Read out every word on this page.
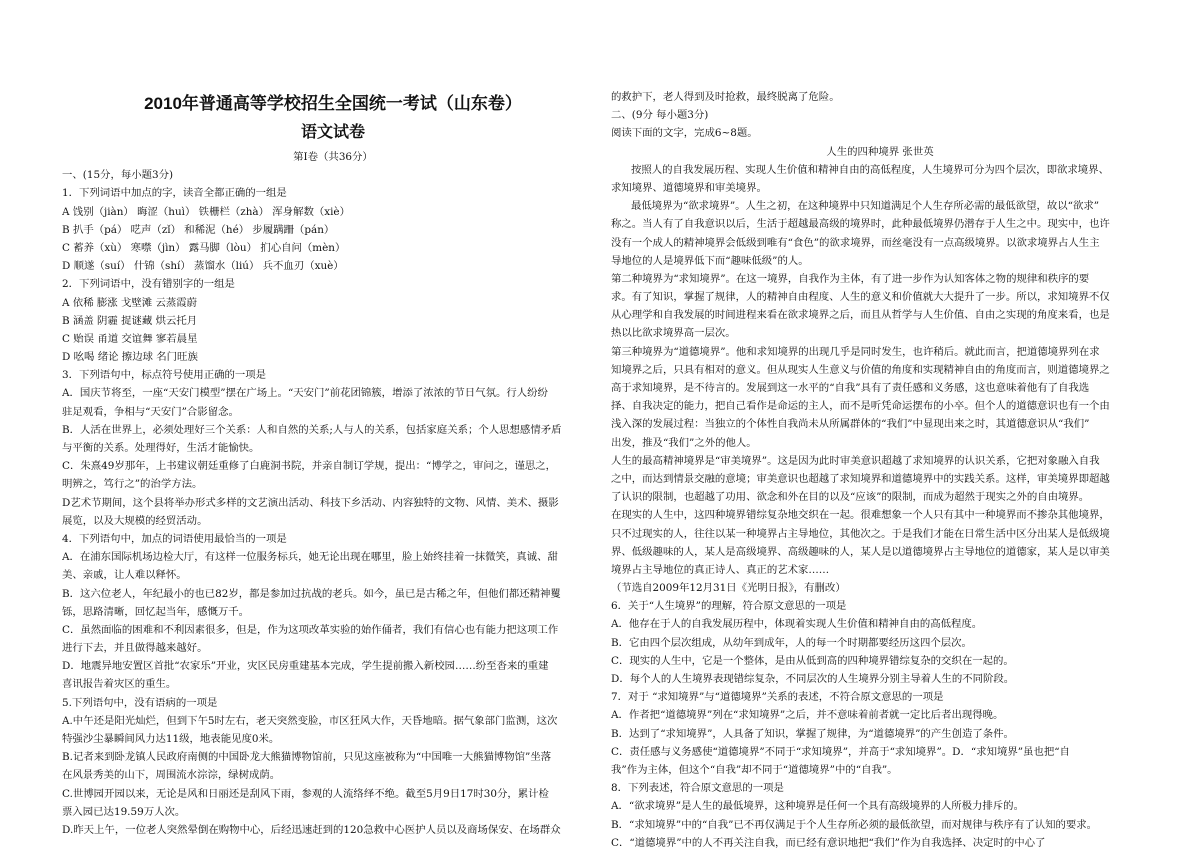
2010年普通高等学校招生全国统一考试（山东卷）
语文试卷
第Ⅰ卷（共36分）
一、(15分，每小题3分)
1．下列词语中加点的字，读音全都正确的一组是
A 饯别（jiàn） 晦涩（huì） 铁栅栏（zhà） 浑身解数（xiè）
B 扒手（pá） 呓声（zǐ） 和稀泥（hé） 步履蹒跚（pán）
C 蓄养（xù） 寒噤（jìn） 露马脚（lòu） 扪心自问（mèn）
D 顺遂（suí） 什锦（shí） 蒸馏水（liú） 兵不血刃（xuè）
2．下列词语中，没有错别字的一组是
A 依稀 膨涨 戈壁滩 云蒸霞蔚
B 涵盖 阴霾 捉谜藏 烘云托月
C 贻误 甬道 交谊舞 寥若晨星
D 吆喝 绪论 擦边球 名门旺族
3．下列语句中，标点符号使用正确的一项是
A．国庆节将至，一座“天安门模型”摆在广场上。“天安门”前花团锦簇，增添了浓浓的节日气氛。行人纷纷
驻足观看，争相与“天安门”合影留念。
B．人活在世界上，必须处理好三个关系：人和自然的关系;人与人的关系，包括家庭关系；个人思想感情矛盾
与平衡的关系。处理得好，生活才能愉快。
C．朱熹49岁那年，上书建议朝廷重修了白鹿洞书院，并亲自制订学规，提出：“博学之，审问之，谨思之，
明辨之，笃行之”的治学方法。
D艺术节期间，这个县将举办形式多样的文艺演出活动、科技下乡活动、内容独特的文物、风情、美术、摄影
展览，以及大规模的经贸活动。
4．下列语句中，加点的词语使用最恰当的一项是
A．在浦东国际机场边检大厅，有这样一位服务标兵，她无论出现在哪里，脸上始终挂着一抹微笑，真诚、甜
美、亲戚，让人难以释怀。
B．这六位老人，年纪最小的也已82岁，都是参加过抗战的老兵。如今，虽已是古稀之年，但他们都还精神矍
铄，思路清晰，回忆起当年，感慨万千。
C．虽然面临的困难和不利因素很多，但是，作为这项改革实验的始作俑者，我们有信心也有能力把这项工作
进行下去，并且做得越来越好。
D．地震异地安置区首批“农家乐”开业，灾区民房重建基本完成，学生提前搬入新校园……纷至沓来的重建
喜讯报告着灾区的重生。
5.下列语句中，没有语病的一项是
A.中午还是阳光灿烂，但到下午5时左右，老天突然变脸，市区狂风大作，天昏地暗。据气象部门监测，这次
特强沙尘暴瞬间风力达11级，地表能见度0米。
B.记者来到卧龙镇人民政府南侧的中国卧龙大熊猫博物馆前，只见这座被称为“中国唯一大熊猫博物馆”坐落
在风景秀美的山下，周围流水淙淙，绿树成荫。
C.世博园开园以来，无论是风和日丽还是刮风下雨，参观的人流络绎不绝。截至5月9日17时30分，累计检
票入园已达19.59万人次。
D.昨天上午，一位老人突然晕倒在购物中心，后经迅速赶到的120急救中心医护人员以及商场保安、在场群众
的救护下，老人得到及时抢救，最终脱离了危险。
二、(9分 每小题3分)
阅读下面的文字，完成6~8题。
人生的四种境界 张世英
按照人的自我发展历程、实现人生价值和精神自由的高低程度，人生境界可分为四个层次，即欲求境界、
求知境界、道德境界和审美境界。
最低境界为“欲求境界”。人生之初，在这种境界中只知道满足个人生存所必需的最低欲望，故以“欲求”
称之。当人有了自我意识以后，生活于超越最高级的境界时，此种最低境界仍潜存于人生之中。现实中，也许
没有一个成人的精神境界会低级到唯有“食色”的欲求境界，而丝毫没有一点高级境界。以欲求境界占人生主
导地位的人是境界低下而“趣味低级”的人。
第二种境界为“求知境界”。在这一境界，自我作为主体，有了进一步作为认知客体之物的规律和秩序的要
求。有了知识，掌握了规律，人的精神自由程度、人生的意义和价值就大大提升了一步。所以，求知境界不仅
从心理学和自我发展的时间进程来看在欲求境界之后，而且从哲学与人生价值、自由之实现的角度来看，也是
热以比欲求境界高一层次。
第三种境界为“道德境界”。他和求知境界的出现几乎是同时发生，也许稍后。就此而言，把道德境界列在求
知境界之后，只具有相对的意义。但从现实人生意义与价值的角度和实现精神自由的角度而言，则道德境界之
高于求知境界，是不待言的。发展到这一水平的“自我”具有了责任感和义务感，这也意味着他有了自我选
择、自我决定的能力，把自己看作是命运的主人，而不是听凭命运摆布的小卒。但个人的道德意识也有一个由
浅入深的发展过程：当独立的个体性自我尚未从所属群体的“我们”中显现出来之时，其道德意识从“我们”
出发，推及“我们”之外的他人。
人生的最高精神境界是“审美境界”。这是因为此时审美意识超越了求知境界的认识关系，它把对象融入自我
之中，而达到情景交融的意境；审美意识也超越了求知境界和道德境界中的实践关系。这样，审美境界即超越
了认识的限制，也超越了功用、欲念和外在目的以及“应该”的限制，而成为超然于现实之外的自由境界。
在现实的人生中，这四种境界错综复杂地交织在一起。很难想象一个人只有其中一种境界而不掺杂其他境界，
只不过现实的人，往往以某一种境界占主导地位，其他次之。于是我们才能在日常生活中区分出某人是低级境
界、低级趣味的人，某人是高级境界、高级趣味的人，某人是以道德境界占主导地位的道德家，某人是以审美
境界占主导地位的真正诗人、真正的艺术家……
（节选自2009年12月31日《光明日报》，有删改）
6．关于“人生境界”的理解，符合原文意思的一项是
A．他存在于人的自我发展历程中，体现着实现人生价值和精神自由的高低程度。
B．它由四个层次组成，从幼年到成年，人的每一个时期都要经历这四个层次。
C．现实的人生中，它是一个整体，是由从低到高的四种境界错综复杂的交织在一起的。
D．每个人的人生境界表现错综复杂，不同层次的人生境界分别主导着人生的不同阶段。
7．对于 “求知境界”与“道德境界”关系的表述，不符合原文意思的一项是
A．作者把“道德境界”列在“求知境界”之后，并不意味着前者就一定比后者出现得晚。
B．达到了“求知境界”，人具备了知识，掌握了规律，为“道德境界”的产生创造了条件。
C．责任感与义务感使“道德境界”不同于“求知境界”，并高于“求知境界”。D．“求知境界”虽也把“自
我”作为主体，但这个“自我”却不同于“道德境界”中的“自我”。
8．下列表述，符合原文意思的一项是
A．“欲求境界”是人生的最低境界，这种境界是任何一个具有高级境界的人所极力排斥的。
B．“求知境界”中的“自我”已不再仅满足于个人生存所必须的最低欲望，而对规律与秩序有了认知的要求。
C．“道德境界”中的人不再关注自我，而已经有意识地把“我们”作为自我选择、决定时的中心了
